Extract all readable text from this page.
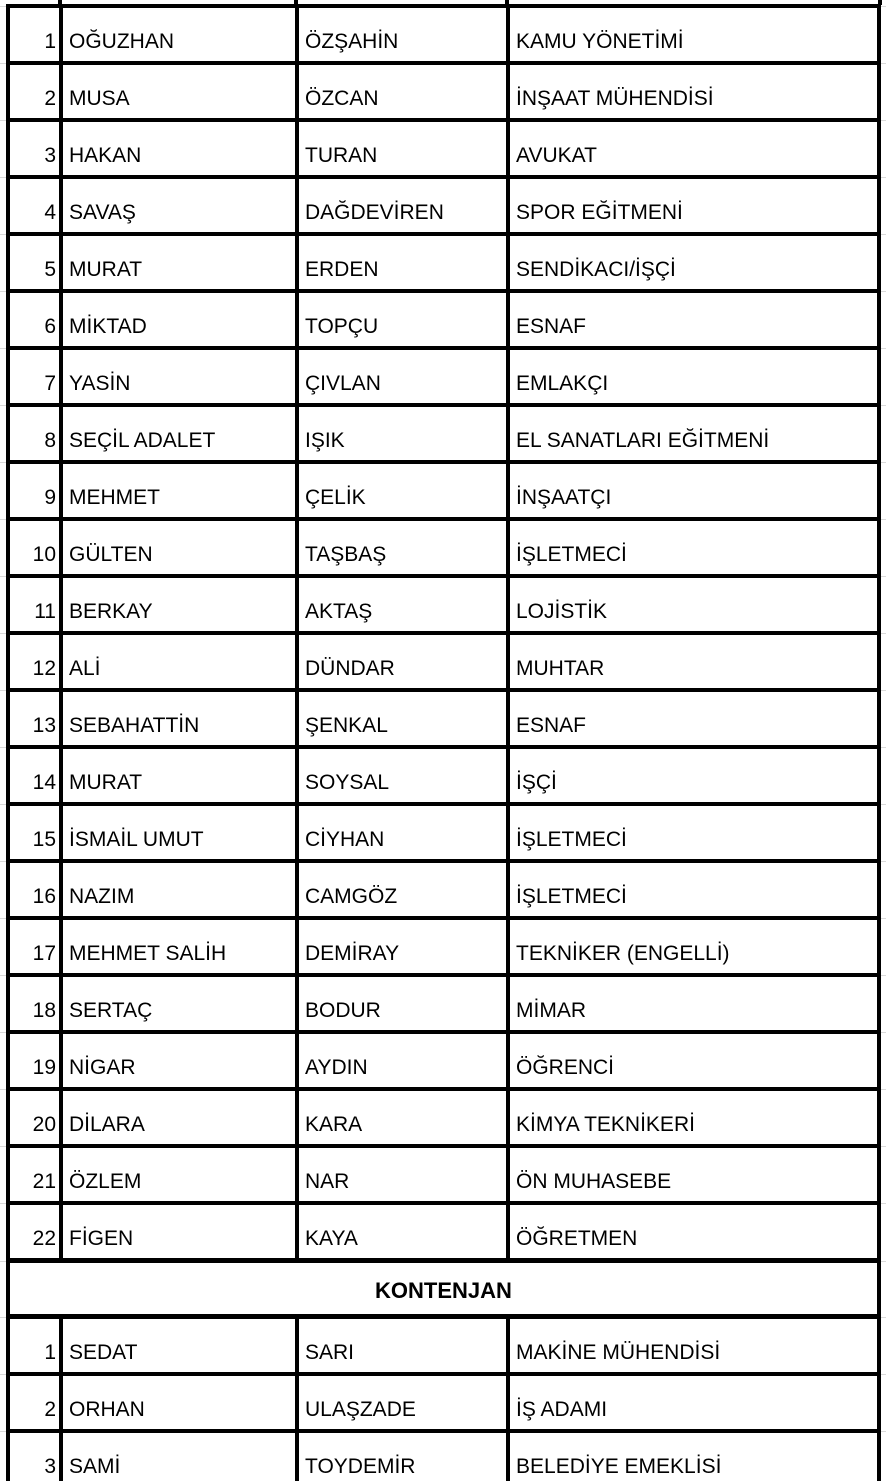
1	OĞUZHAN	ÖZŞAHİN	KAMU YÖNETİMİ
2	MUSA	ÖZCAN	İNŞAAT MÜHENDİSİ
3	HAKAN	TURAN	AVUKAT
4	SAVAŞ	DAĞDEVİREN	SPOR EĞİTMENİ
5	MURAT	ERDEN	SENDİKACI/İŞÇİ
6	MİKTAD	TOPÇU	ESNAF
7	YASİN	ÇIVLAN	EMLAKÇI
8	SEÇİL ADALET	IŞIK	EL SANATLARI EĞİTMENİ
9	MEHMET	ÇELİK	İNŞAATÇI
10	GÜLTEN	TAŞBAŞ	İŞLETMECİ
11	BERKAY	AKTAŞ	LOJİSTİK
12	ALİ	DÜNDAR	MUHTAR
13	SEBAHATTİN	ŞENKAL	ESNAF
14	MURAT	SOYSAL	İŞÇİ
15	İSMAİL UMUT	CİYHAN	İŞLETMECİ
16	NAZIM	CAMGÖZ	İŞLETMECİ
17	MEHMET SALİH	DEMİRAY	TEKNİKER (ENGELLİ)
18	SERTAÇ	BODUR	MİMAR
19	NİGAR	AYDIN	ÖĞRENCİ
20	DİLARA	KARA	KİMYA TEKNİKERİ
21	ÖZLEM	NAR	ÖN MUHASEBE
22	FİGEN	KAYA	ÖĞRETMEN
KONTENJAN			
1	SEDAT	SARI	MAKİNE MÜHENDİSİ
2	ORHAN	ULAŞZADE	İŞ ADAMI
3	SAMİ	TOYDEMİR	BELEDİYE EMEKLİSİ
